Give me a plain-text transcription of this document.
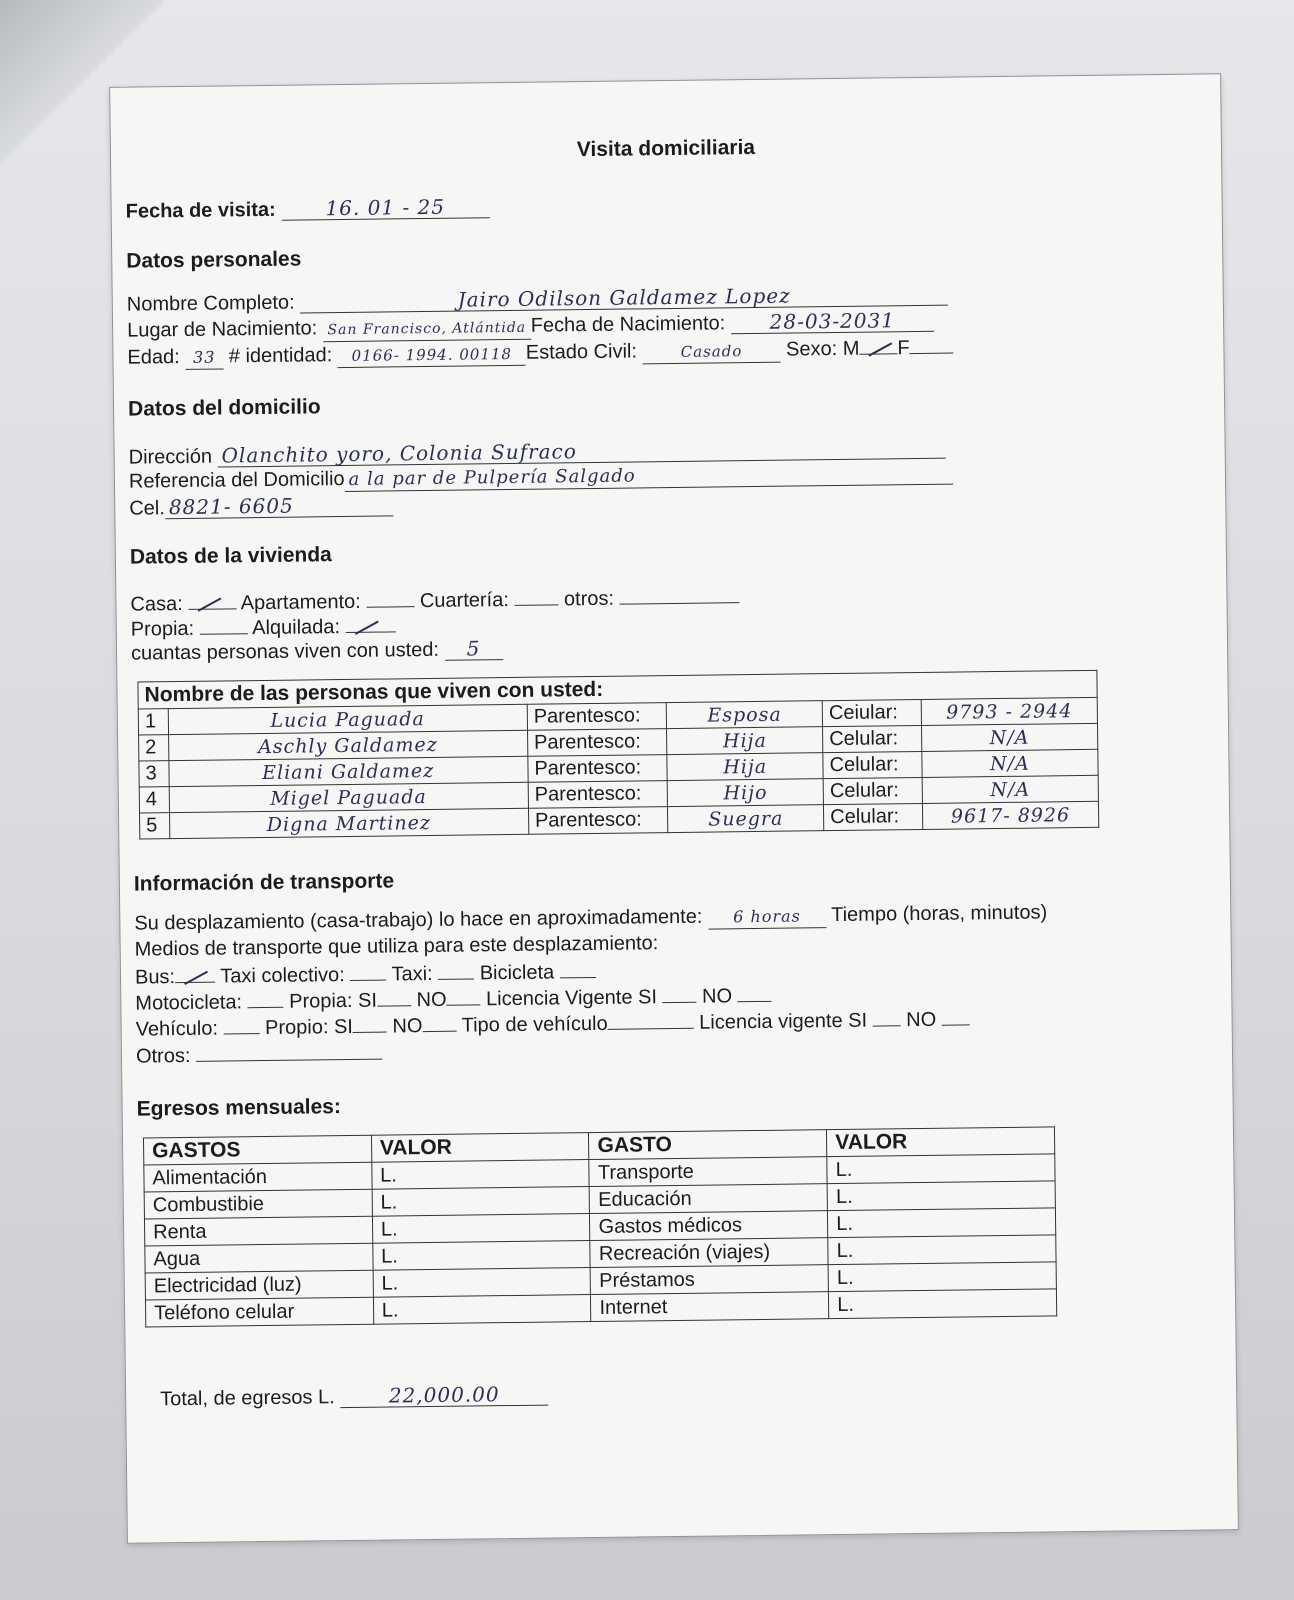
Visita domiciliaria
Fecha de visita: 16. 01 - 25
Datos personales
Nombre Completo:	Jairo Odilson Galdamez Lopez
Lugar de Nacimiento: San Francisco, Atlántida Fecha de Nacimiento: 28-03-2031
Edad: 33 # identidad: 0166- 1994. 00118 Estado Civil:	Casado Sexo: M F
Datos del domicilio
Dirección Olanchito yoro, Colonia Sufraco
Referencia del Domicilio a la par de Pulpería Salgado
Cel. 8821- 6605
Datos de la vivienda
Casa:	Apartamento:	Cuartería:	otros:
Propia:	Alquilada:
cuantas personas viven con usted: 5
Nombre de las personas que viven con usted:					
1	Lucia Paguada	Parentesco:	Esposa	Ceiular:	9793 - 2944
2	Aschly Galdamez	Parentesco:	Hija	Celular:	N/A
3	Eliani Galdamez	Parentesco:	Hija	Celular:	N/A
4	Migel Paguada	Parentesco:	Hijo	Celular:	N/A
5	Digna Martinez	Parentesco:	Suegra	Celular:	9617- 8926
Información de transporte
Su desplazamiento (casa-trabajo) lo hace en aproximadamente: 6 horas Tiempo (horas, minutos)
Medios de transporte que utiliza para este desplazamiento:
Bus: Taxi colectivo: Taxi: Bicicleta
Motocicleta: Propia: SI NO Licencia Vigente SI NO
Vehículo: Propio: SI NO Tipo de vehículo	Licencia vigente SI NO
Otros:
Egresos mensuales:
GASTOS	VALOR	GASTO	VALOR
Alimentación	L.	Transporte	L.
Combustibie	L.	Educación	L.
Renta	L.	Gastos médicos	L.
Agua	L.	Recreación (viajes)	L.
Electricidad (luz)	L.	Préstamos	L.
Teléfono celular	L.	Internet	L.
Total, de egresos L.	22,000.00
